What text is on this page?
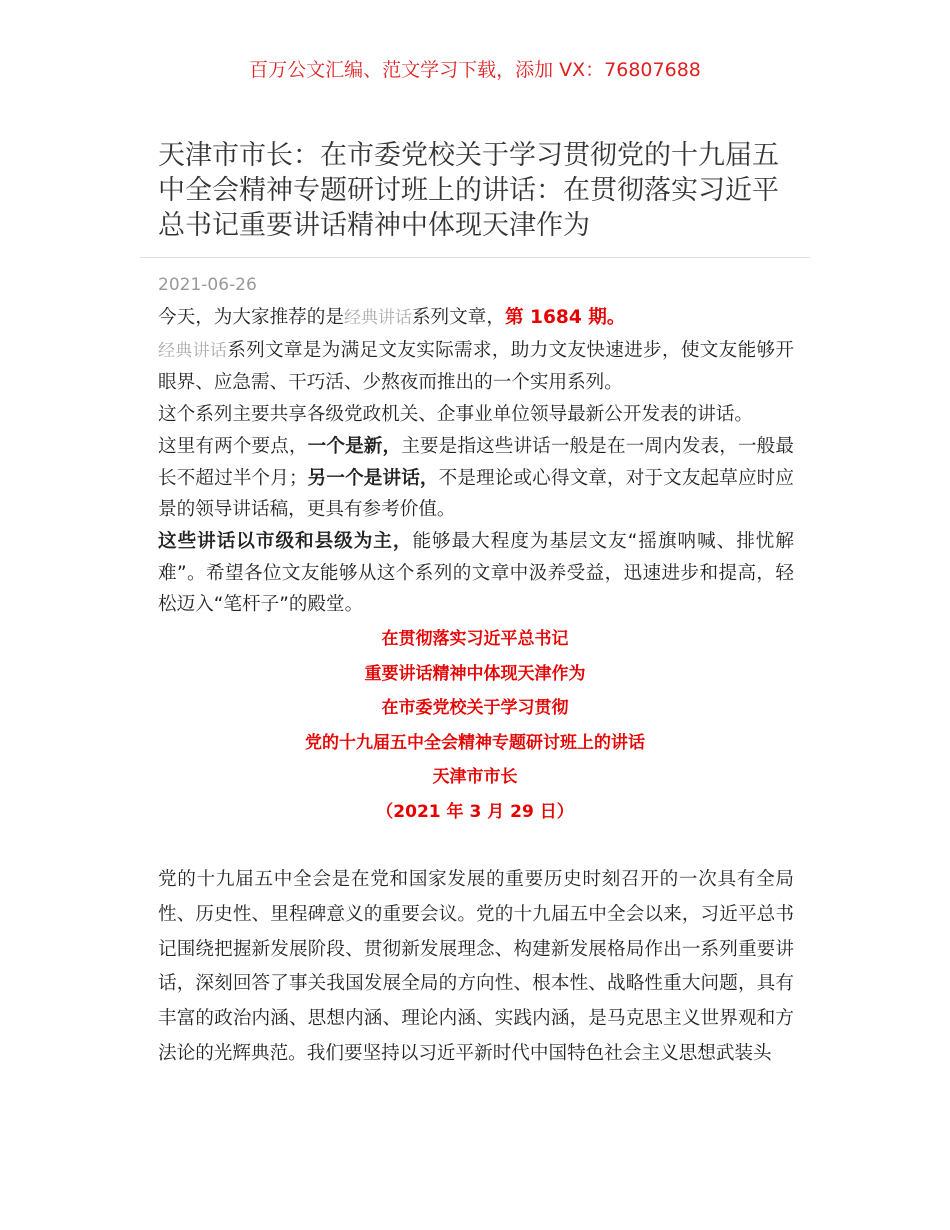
百万公文汇编、范文学习下载，添加 VX：76807688
天津市市长：在市委党校关于学习贯彻党的十九届五中全会精神专题研讨班上的讲话：在贯彻落实习近平总书记重要讲话精神中体现天津作为
2021-06-26

今天，为大家推荐的是经典讲话系列文章，第 1684 期。

经典讲话系列文章是为满足文友实际需求，助力文友快速进步，使文友能够开眼界、应急需、干巧活、少熬夜而推出的一个实用系列。

这个系列主要共享各级党政机关、企事业单位领导最新公开发表的讲话。

这里有两个要点，一个是新，主要是指这些讲话一般是在一周内发表，一般最长不超过半个月；另一个是讲话，不是理论或心得文章，对于文友起草应时应景的领导讲话稿，更具有参考价值。

这些讲话以市级和县级为主，能够最大程度为基层文友“摇旗呐喊、排忧解难”。希望各位文友能够从这个系列的文章中汲养受益，迅速进步和提高，轻松迈入“笔杆子”的殿堂。

在贯彻落实习近平总书记
重要讲话精神中体现天津作为
在市委党校关于学习贯彻
党的十九届五中全会精神专题研讨班上的讲话
天津市市长
（2021 年 3 月 29 日）
党的十九届五中全会是在党和国家发展的重要历史时刻召开的一次具有全局性、历史性、里程碑意义的重要会议。党的十九届五中全会以来，习近平总书记围绕把握新发展阶段、贯彻新发展理念、构建新发展格局作出一系列重要讲话，深刻回答了事关我国发展全局的方向性、根本性、战略性重大问题，具有丰富的政治内涵、思想内涵、理论内涵、实践内涵，是马克思主义世界观和方法论的光辉典范。我们要坚持以习近平新时代中国特色社会主义思想武装头
